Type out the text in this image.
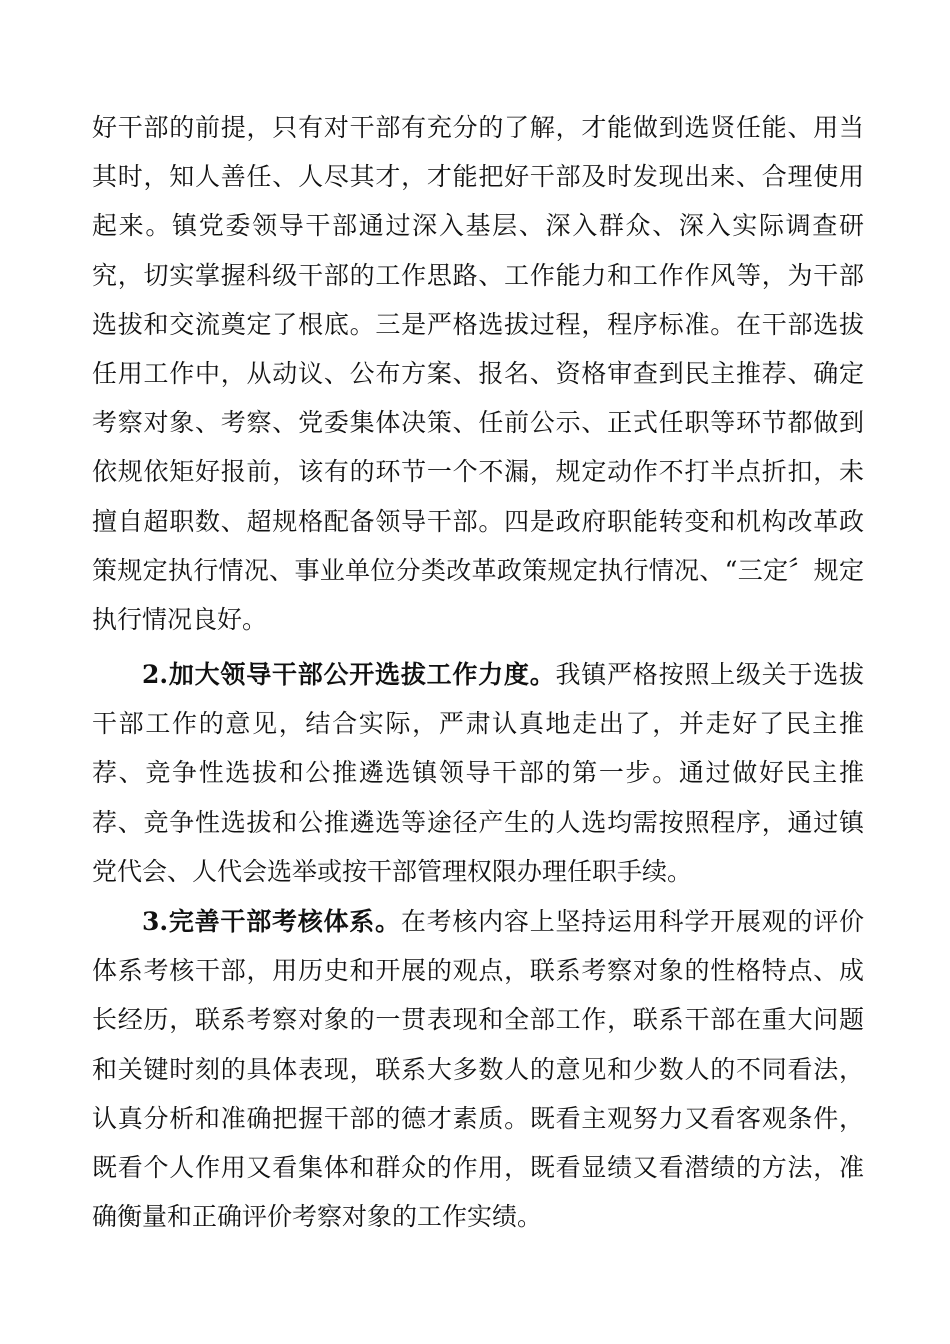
好干部的前提，只有对干部有充分的了解，才能做到选贤任能、用当其时，知人善任、人尽其才，才能把好干部及时发现出来、合理使用起来。镇党委领导干部通过深入基层、深入群众、深入实际调查研究，切实掌握科级干部的工作思路、工作能力和工作作风等，为干部选拔和交流奠定了根底。三是严格选拔过程，程序标准。在干部选拔任用工作中，从动议、公布方案、报名、资格审查到民主推荐、确定考察对象、考察、党委集体决策、任前公示、正式任职等环节都做到依规依矩好报前，该有的环节一个不漏，规定动作不打半点折扣，未擅自超职数、超规格配备领导干部。四是政府职能转变和机构改革政策规定执行情况、事业单位分类改革政策规定执行情况、“三定〞规定执行情况良好。

2.加大领导干部公开选拔工作力度。我镇严格按照上级关于选拔干部工作的意见，结合实际，严肃认真地走出了，并走好了民主推荐、竞争性选拔和公推遴选镇领导干部的第一步。通过做好民主推荐、竞争性选拔和公推遴选等途径产生的人选均需按照程序，通过镇党代会、人代会选举或按干部管理权限办理任职手续。

3.完善干部考核体系。在考核内容上坚持运用科学开展观的评价体系考核干部，用历史和开展的观点，联系考察对象的性格特点、成长经历，联系考察对象的一贯表现和全部工作，联系干部在重大问题和关键时刻的具体表现，联系大多数人的意见和少数人的不同看法，认真分析和准确把握干部的德才素质。既看主观努力又看客观条件，既看个人作用又看集体和群众的作用，既看显绩又看潜绩的方法，准确衡量和正确评价考察对象的工作实绩。
